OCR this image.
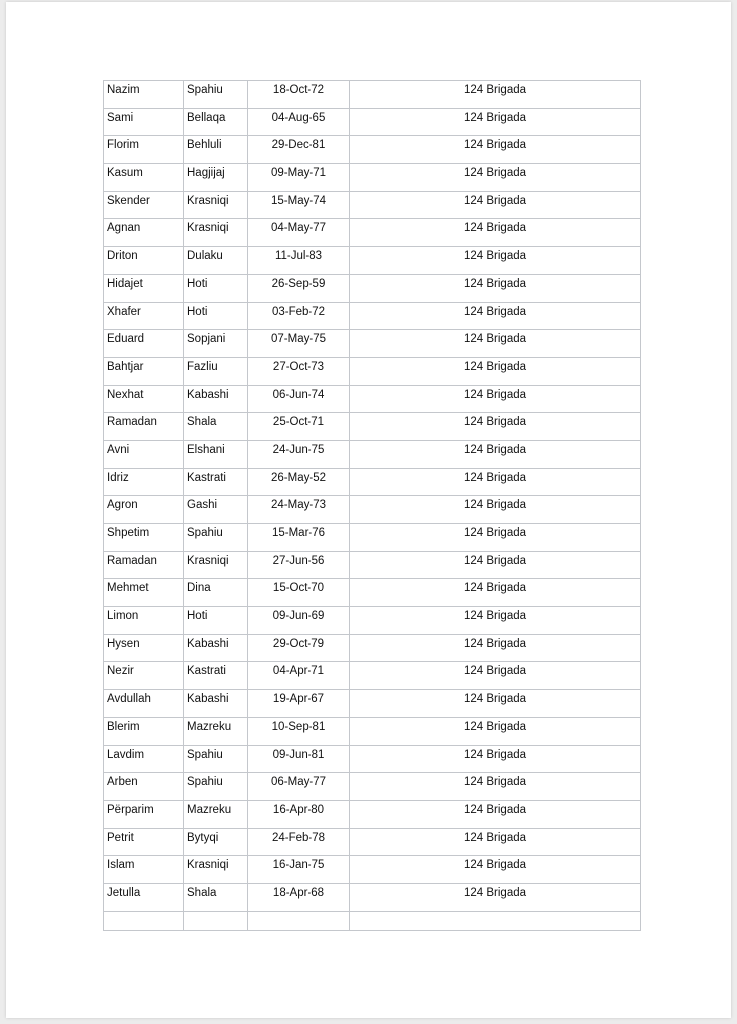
Nazim	Spahiu	18-Oct-72	124 Brigada
Sami	Bellaqa	04-Aug-65	124 Brigada
Florim	Behluli	29-Dec-81	124 Brigada
Kasum	Hagjijaj	09-May-71	124 Brigada
Skender	Krasniqi	15-May-74	124 Brigada
Agnan	Krasniqi	04-May-77	124 Brigada
Driton	Dulaku	11-Jul-83	124 Brigada
Hidajet	Hoti	26-Sep-59	124 Brigada
Xhafer	Hoti	03-Feb-72	124 Brigada
Eduard	Sopjani	07-May-75	124 Brigada
Bahtjar	Fazliu	27-Oct-73	124 Brigada
Nexhat	Kabashi	06-Jun-74	124 Brigada
Ramadan	Shala	25-Oct-71	124 Brigada
Avni	Elshani	24-Jun-75	124 Brigada
Idriz	Kastrati	26-May-52	124 Brigada
Agron	Gashi	24-May-73	124 Brigada
Shpetim	Spahiu	15-Mar-76	124 Brigada
Ramadan	Krasniqi	27-Jun-56	124 Brigada
Mehmet	Dina	15-Oct-70	124 Brigada
Limon	Hoti	09-Jun-69	124 Brigada
Hysen	Kabashi	29-Oct-79	124 Brigada
Nezir	Kastrati	04-Apr-71	124 Brigada
Avdullah	Kabashi	19-Apr-67	124 Brigada
Blerim	Mazreku	10-Sep-81	124 Brigada
Lavdim	Spahiu	09-Jun-81	124 Brigada
Arben	Spahiu	06-May-77	124 Brigada
Përparim	Mazreku	16-Apr-80	124 Brigada
Petrit	Bytyqi	24-Feb-78	124 Brigada
Islam	Krasniqi	16-Jan-75	124 Brigada
Jetulla	Shala	18-Apr-68	124 Brigada
